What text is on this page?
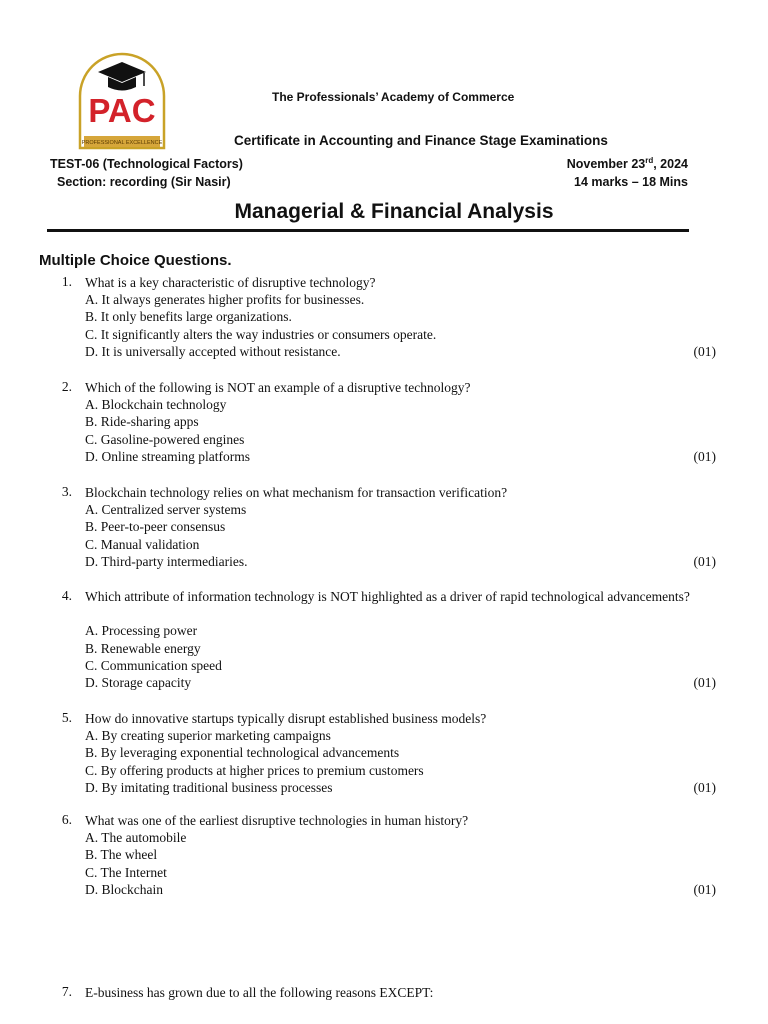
PAC
PROFESSIONAL EXCELLENCE
The Professionals’ Academy of Commerce
Certificate in Accounting and Finance Stage Examinations
TEST-06 (Technological Factors)
Section: recording (Sir Nasir)
November 23rd, 2024
14 marks – 18 Mins
Managerial & Financial Analysis
Multiple Choice Questions.
1. What is a key characteristic of disruptive technology?
A. It always generates higher profits for businesses.
B. It only benefits large organizations.
C. It significantly alters the way industries or consumers operate.
D. It is universally accepted without resistance.	(01)
2. Which of the following is NOT an example of a disruptive technology?
A. Blockchain technology
B. Ride-sharing apps
C. Gasoline-powered engines
D. Online streaming platforms	(01)
3. Blockchain technology relies on what mechanism for transaction verification?
A. Centralized server systems
B. Peer-to-peer consensus
C. Manual validation
D. Third-party intermediaries.	(01)
4. Which attribute of information technology is NOT highlighted as a driver of rapid technological advancements?
A. Processing power
B. Renewable energy
C. Communication speed
D. Storage capacity	(01)
5. How do innovative startups typically disrupt established business models?
A. By creating superior marketing campaigns
B. By leveraging exponential technological advancements
C. By offering products at higher prices to premium customers
D. By imitating traditional business processes	(01)
6. What was one of the earliest disruptive technologies in human history?
A. The automobile
B. The wheel
C. The Internet
D. Blockchain	(01)
7. E-business has grown due to all the following reasons EXCEPT:
